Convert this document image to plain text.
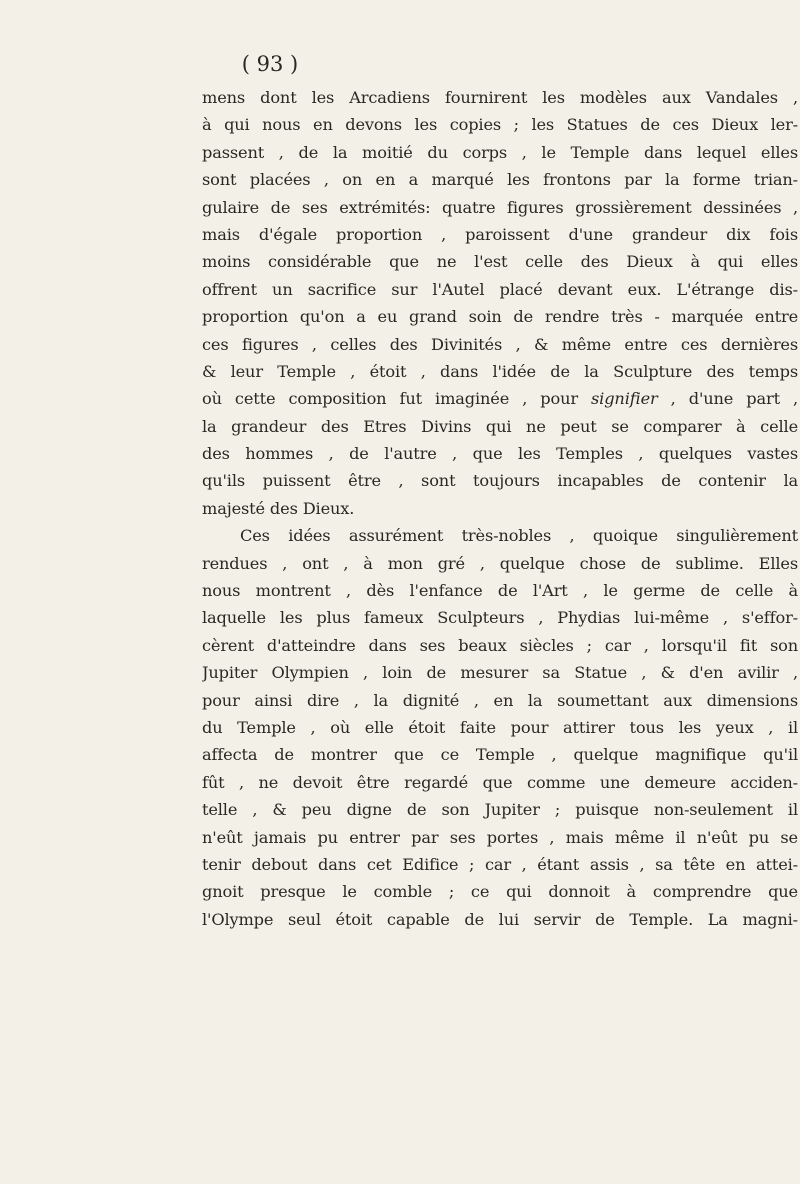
( 93 )
mens dont les Arcadiens fournirent les modèles aux Vandales ,
à qui nous en devons les copies ; les Statues de ces Dieux ler-
passent , de la moitié du corps , le Temple dans lequel elles
sont placées , on en a marqué les frontons par la forme trian-
gulaire de ses extrémités: quatre figures grossièrement dessinées ,
mais d'égale proportion , paroissent d'une grandeur dix fois
moins considérable que ne l'est celle des Dieux à qui elles
offrent un sacrifice sur l'Autel placé devant eux. L'étrange dis-
proportion qu'on a eu grand soin de rendre très - marquée entre
ces figures , celles des Divinités , & même entre ces dernières
& leur Temple , étoit , dans l'idée de la Sculpture des temps
où cette composition fut imaginée , pour signifier , d'une part ,
la grandeur des Etres Divins qui ne peut se comparer à celle
des hommes , de l'autre , que les Temples , quelques vastes
qu'ils puissent être , sont toujours incapables de contenir la
majesté des Dieux.
Ces idées assurément très-nobles , quoique singulièrement
rendues , ont , à mon gré , quelque chose de sublime. Elles
nous montrent , dès l'enfance de l'Art , le germe de celle à
laquelle les plus fameux Sculpteurs , Phydias lui-même , s'effor-
cèrent d'atteindre dans ses beaux siècles ; car , lorsqu'il fit son
Jupiter Olympien , loin de mesurer sa Statue , & d'en avilir ,
pour ainsi dire , la dignité , en la soumettant aux dimensions
du Temple , où elle étoit faite pour attirer tous les yeux , il
affecta de montrer que ce Temple , quelque magnifique qu'il
fût , ne devoit être regardé que comme une demeure acciden-
telle , & peu digne de son Jupiter ; puisque non-seulement il
n'eût jamais pu entrer par ses portes , mais même il n'eût pu se
tenir debout dans cet Edifice ; car , étant assis , sa tête en attei-
gnoit presque le comble ; ce qui donnoit à comprendre que
l'Olympe seul étoit capable de lui servir de Temple. La magni-
